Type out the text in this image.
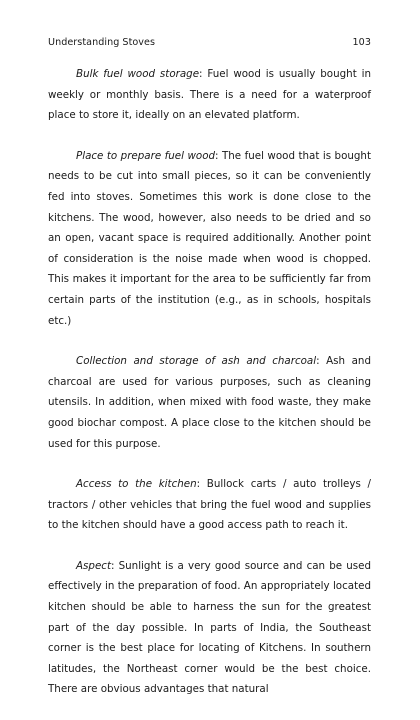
Understanding Stoves	103

Bulk fuel wood storage: Fuel wood is usually bought in weekly or monthly basis. There is a need for a waterproof place to store it, ideally on an elevated platform.

Place to prepare fuel wood: The fuel wood that is bought needs to be cut into small pieces, so it can be conveniently fed into stoves. Sometimes this work is done close to the kitchens. The wood, however, also needs to be dried and so an open, vacant space is required additionally. Another point of consideration is the noise made when wood is chopped. This makes it important for the area to be sufficiently far from certain parts of the institution (e.g., as in schools, hospitals etc.)

Collection and storage of ash and charcoal: Ash and charcoal are used for various purposes, such as cleaning utensils. In addition, when mixed with food waste, they make good biochar compost. A place close to the kitchen should be used for this purpose.

Access to the kitchen: Bullock carts / auto trolleys / tractors / other vehicles that bring the fuel wood and supplies to the kitchen should have a good access path to reach it.

Aspect: Sunlight is a very good source and can be used effectively in the preparation of food. An appropriately located kitchen should be able to harness the sun for the greatest part of the day possible. In parts of India, the Southeast corner is the best place for locating of Kitchens. In southern latitudes, the Northeast corner would be the best choice. There are obvious advantages that natural
